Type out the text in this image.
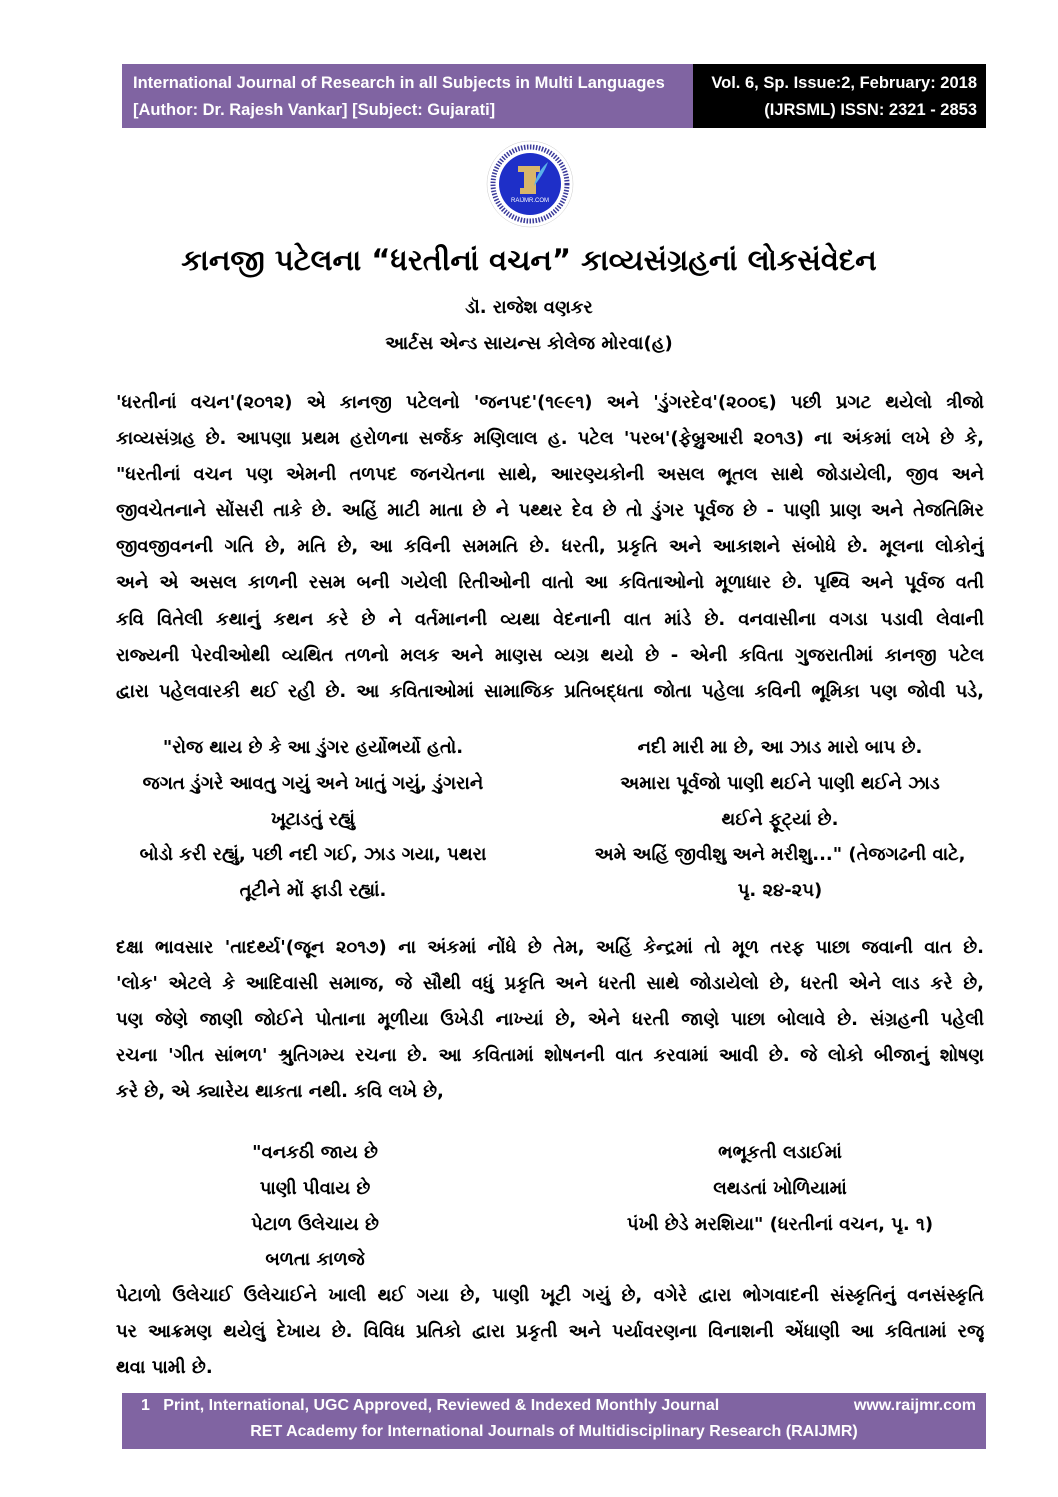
International Journal of Research in all Subjects in Multi Languages
[Author: Dr. Rajesh Vankar] [Subject: Gujarati]
Vol. 6, Sp. Issue:2, February: 2018
(IJRSML) ISSN: 2321 - 2853
RAIJMR.COM
કાનજી પટેલના “ધરતીનાં વચન” કાવ્યસંગ્રહનાં લોકસંવેદન
ડૉ. રાજેશ વણકર
આર્ટસ એન્ડ સાયન્સ કોલેજ મોરવા(હ)
'ધરતીનાં વચન'(૨૦૧૨) એ કાનજી પટેલનો 'જનપદ'(૧૯૯૧) અને 'ડુંગરદેવ'(૨૦૦૬) પછી પ્રગટ થયેલો ત્રીજો
કાવ્યસંગ્રહ છે. આપણા પ્રથમ હરોળના સર્જક મણિલાલ હ. પટેલ 'પરબ'(ફેબ્રુઆરી ૨૦૧૩) ના અંકમાં લખે છે કે,
"ધરતીનાં વચન પણ એમની તળપદ જનચેતના સાથે, આરણ્યકોની અસલ ભૂતલ સાથે જોડાયેલી, જીવ અને
જીવચેતનાને સોંસરી તાકે છે. અહિં માટી માતા છે ને પથ્થર દેવ છે તો ડુંગર પૂર્વજ છે - પાણી પ્રાણ અને તેજતિમિર
જીવજીવનની ગતિ છે, મતિ છે, આ કવિની સમમતિ છે. ધરતી, પ્રકૃતિ અને આકાશને સંબોધે છે. મૂલના લોકોનું
અને એ અસલ કાળની રસમ બની ગયેલી રિતીઓની વાતો આ કવિતાઓનો મૂળાધાર છે. પૃથ્વિ અને પૂર્વજ વતી
કવિ વિતેલી કથાનું કથન કરે છે ને વર્તમાનની વ્યથા વેદનાની વાત માંડે છે. વનવાસીના વગડા પડાવી લેવાની
રાજ્યની પેરવીઓથી વ્યથિત તળનો મલક અને માણસ વ્યગ્ર થયો છે - એની કવિતા ગુજરાતીમાં કાનજી પટેલ
દ્વારા પહેલવારકી થઈ રહી છે. આ કવિતાઓમાં સામાજિક પ્રતિબદ્ધતા જોતા પહેલા કવિની ભૂમિકા પણ જોવી પડે,
"રોજ થાય છે કે આ ડુંગર હર્યોભર્યો હતો.
જગત ડુંગરે આવતુ ગયું અને ખાતું ગયું, ડુંગરાને
ખૂટાડતું રહ્યું
બોડો કરી રહ્યું, પછી નદી ગઈ, ઝાડ ગયા, પથરા
તૂટીને મોં ફાડી રહ્યાં.
નદી મારી મા છે, આ ઝાડ મારો બાપ છે.
અમારા પૂર્વજો પાણી થઈને પાણી થઈને ઝાડ
થઈને ફૂટ્યાં છે.
અમે અહિં જીવીશુ અને મરીશુ..." (તેજગઢની વાટે,
પૃ. ૨૪-૨૫)
દક્ષા ભાવસાર 'તાદર્થ્ય'(જૂન ૨૦૧૭) ના અંકમાં નોંધે છે તેમ, અહિં કેન્દ્રમાં તો મૂળ તરફ પાછા જવાની વાત છે.
'લોક' એટલે કે આદિવાસી સમાજ, જે સૌથી વધું પ્રકૃતિ અને ધરતી સાથે જોડાયેલો છે, ધરતી એને લાડ કરે છે,
પણ જેણે જાણી જોઈને પોતાના મૂળીયા ઉખેડી નાખ્યાં છે, એને ધરતી જાણે પાછા બોલાવે છે. સંગ્રહની પહેલી
રચના 'ગીત સાંભળ' શ્રુતિગમ્ય રચના છે. આ કવિતામાં શોષનની વાત કરવામાં આવી છે. જે લોકો બીજાનું શોષણ
કરે છે, એ ક્યારેય થાકતા નથી. કવિ લખે છે,
"વનકઠી જાય છે
પાણી પીવાય છે
પેટાળ ઉલેચાય છે
બળતા કાળજે
ભભૂકતી લડાઈમાં
લથડતાં ખોળિયામાં
પંખી છેડે મરશિયા" (ધરતીનાં વચન, પૃ. ૧)
પેટાળો ઉલેચાઈ ઉલેચાઈને ખાલી થઈ ગયા છે, પાણી ખૂટી ગયું છે, વગેરે દ્વારા ભોગવાદની સંસ્કૃતિનું વનસંસ્કૃતિ
પર આક્રમણ થયેલું દેખાય છે. વિવિધ પ્રતિકો દ્વારા પ્રકૃતી અને પર્યાવરણના વિનાશની એંધાણી આ કવિતામાં રજૂ
થવા પામી છે.
1 Print, International, UGC Approved, Reviewed & Indexed Monthly Journal	www.raijmr.com
RET Academy for International Journals of Multidisciplinary Research (RAIJMR)
